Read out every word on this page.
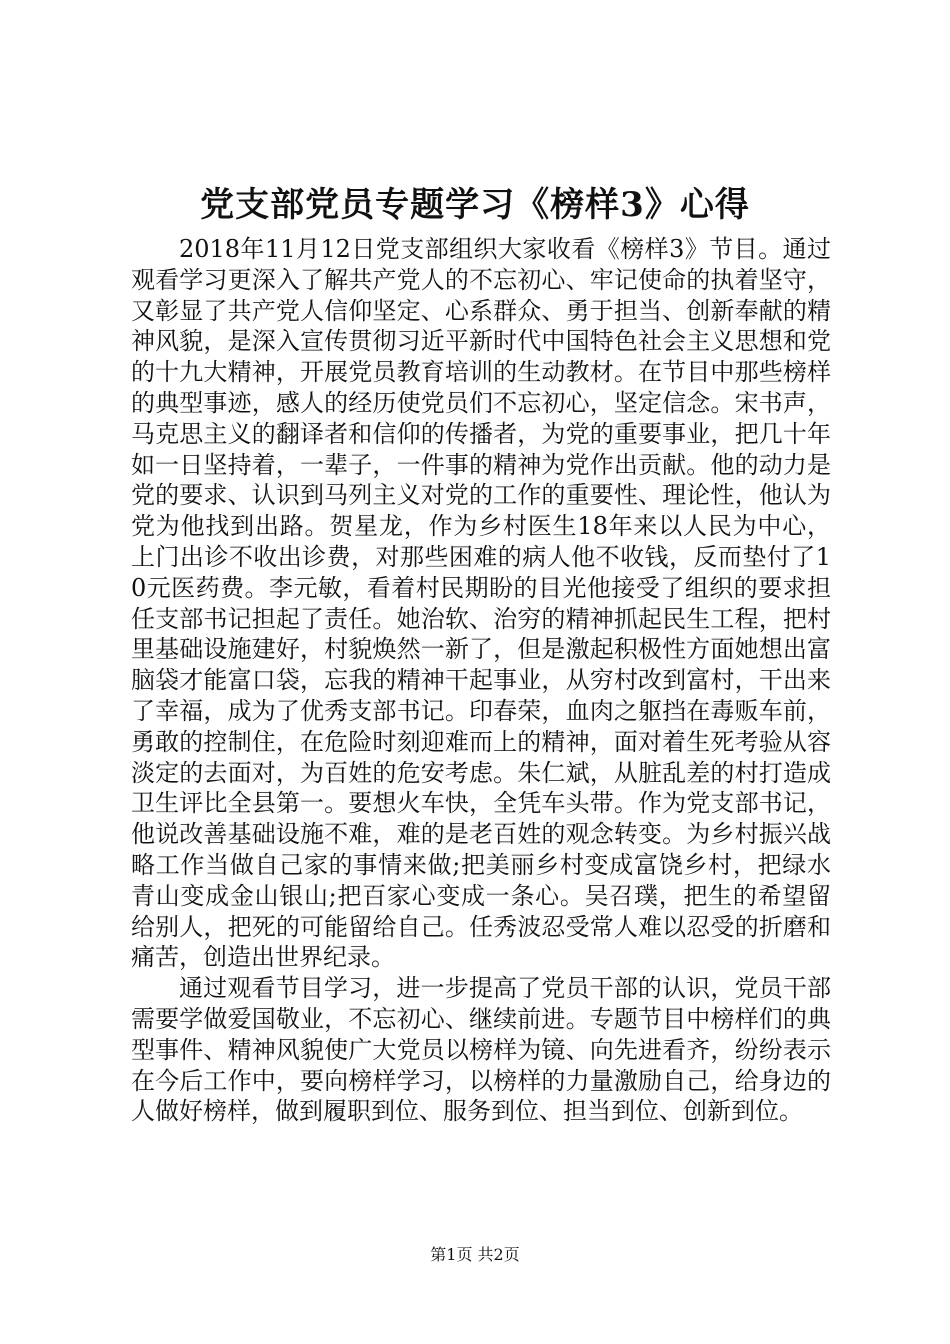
党支部党员专题学习《榜样3》心得

2018年11月12日党支部组织大家收看《榜样3》节目。通过观看学习更深入了解共产党人的不忘初心、牢记使命的执着坚守，又彰显了共产党人信仰坚定、心系群众、勇于担当、创新奉献的精神风貌，是深入宣传贯彻习近平新时代中国特色社会主义思想和党的十九大精神，开展党员教育培训的生动教材。在节目中那些榜样的典型事迹，感人的经历使党员们不忘初心，坚定信念。宋书声，马克思主义的翻译者和信仰的传播者，为党的重要事业，把几十年如一日坚持着，一辈子，一件事的精神为党作出贡献。他的动力是党的要求、认识到马列主义对党的工作的重要性、理论性，他认为党为他找到出路。贺星龙，作为乡村医生18年来以人民为中心，上门出诊不收出诊费，对那些困难的病人他不收钱，反而垫付了10元医药费。李元敏，看着村民期盼的目光他接受了组织的要求担任支部书记担起了责任。她治软、治穷的精神抓起民生工程，把村里基础设施建好，村貌焕然一新了，但是激起积极性方面她想出富脑袋才能富口袋，忘我的精神干起事业，从穷村改到富村，干出来了幸福，成为了优秀支部书记。印春荣，血肉之躯挡在毒贩车前，勇敢的控制住，在危险时刻迎难而上的精神，面对着生死考验从容淡定的去面对，为百姓的危安考虑。朱仁斌，从脏乱差的村打造成卫生评比全县第一。要想火车快，全凭车头带。作为党支部书记，他说改善基础设施不难，难的是老百姓的观念转变。为乡村振兴战略工作当做自己家的事情来做;把美丽乡村变成富饶乡村，把绿水青山变成金山银山;把百家心变成一条心。吴召璞，把生的希望留给别人，把死的可能留给自己。任秀波忍受常人难以忍受的折磨和痛苦，创造出世界纪录。

通过观看节目学习，进一步提高了党员干部的认识，党员干部需要学做爱国敬业，不忘初心、继续前进。专题节目中榜样们的典型事件、精神风貌使广大党员以榜样为镜、向先进看齐，纷纷表示在今后工作中，要向榜样学习，以榜样的力量激励自己，给身边的人做好榜样，做到履职到位、服务到位、担当到位、创新到位。

第1页 共2页
